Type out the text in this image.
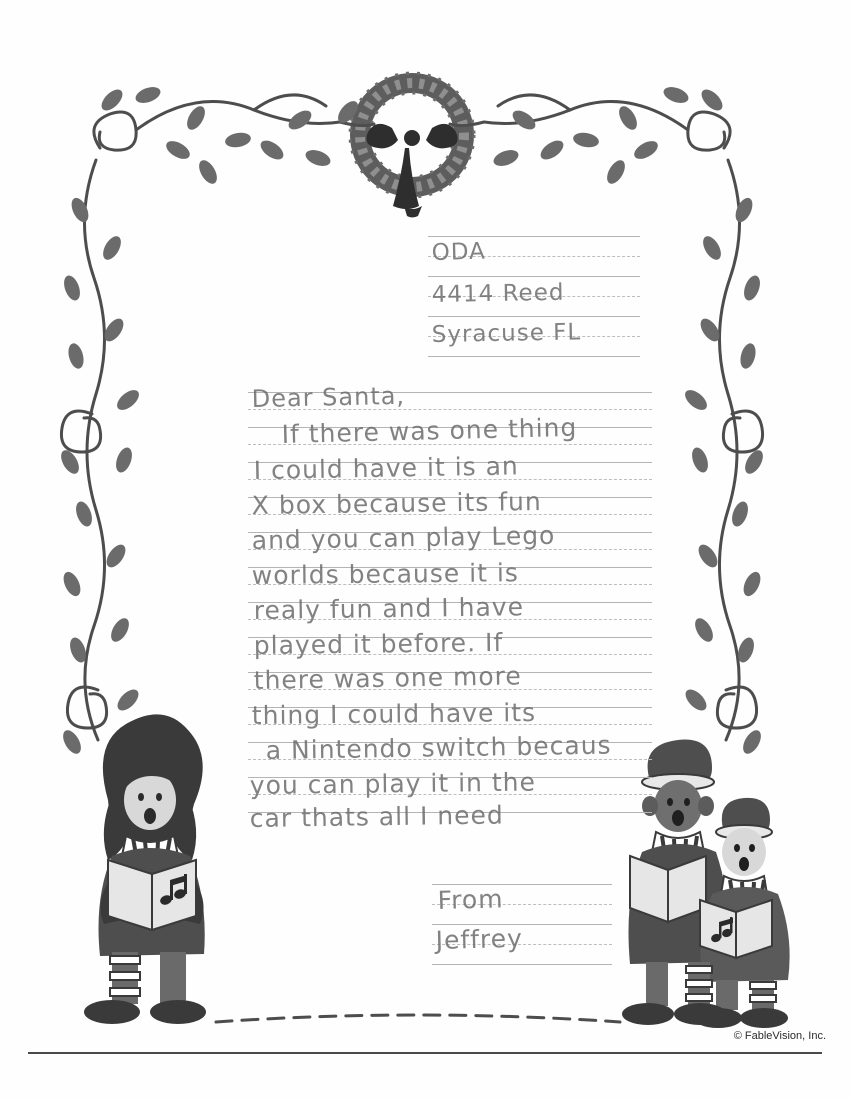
ODA
4414 Reed
Syracuse FL
Dear Santa,
If there was one thing
I could have it is an
X box because its fun
and you can play Lego
worlds because it is
realy fun and I have
played it before. If
there was one more
thing I could have its
a Nintendo switch becaus
you can play it in the
car thats all I need
From
Jeffrey
© FableVision, Inc.
